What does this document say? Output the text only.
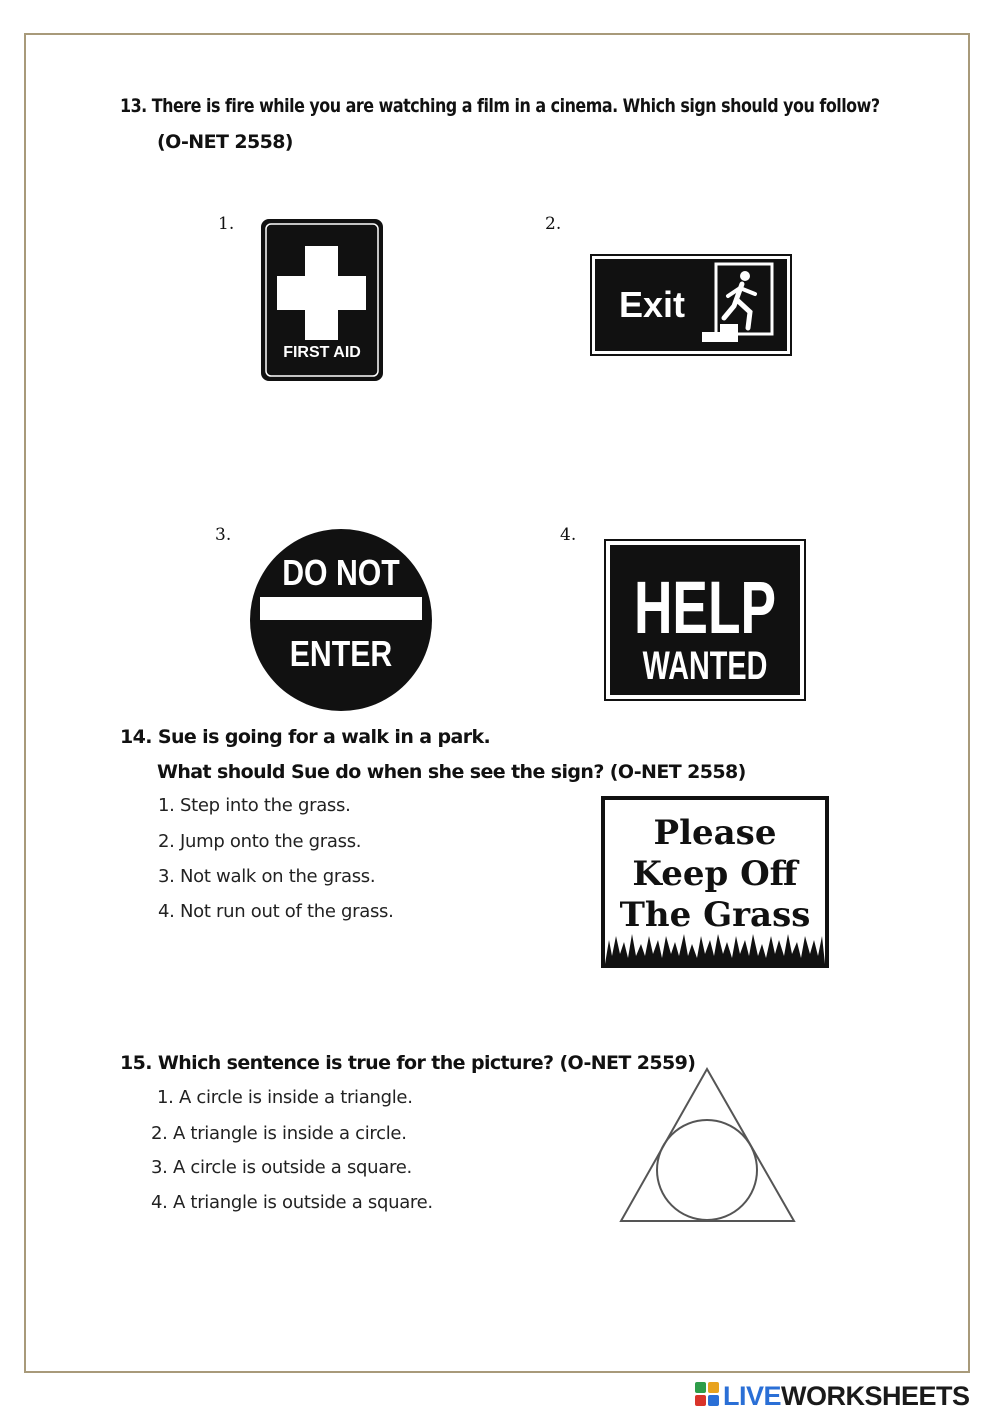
13. There is fire while you are watching a film in a cinema. Which sign should you follow?
(O-NET 2558)
1.	2.
3.	4.
FIRST AID
Exit
DO NOT
ENTER
HELP
WANTED
14. Sue is going for a walk in a park.
What should Sue do when she see the sign? (O-NET 2558)
1. Step into the grass.
2. Jump onto the grass.
3. Not walk on the grass.
4. Not run out of the grass.
Please
Keep Off
The Grass
15. Which sentence is true for the picture? (O-NET 2559)
1. A circle is inside a triangle.
2. A triangle is inside a circle.
3. A circle is outside a square.
4. A triangle is outside a square.
LIVEWORKSHEETS
